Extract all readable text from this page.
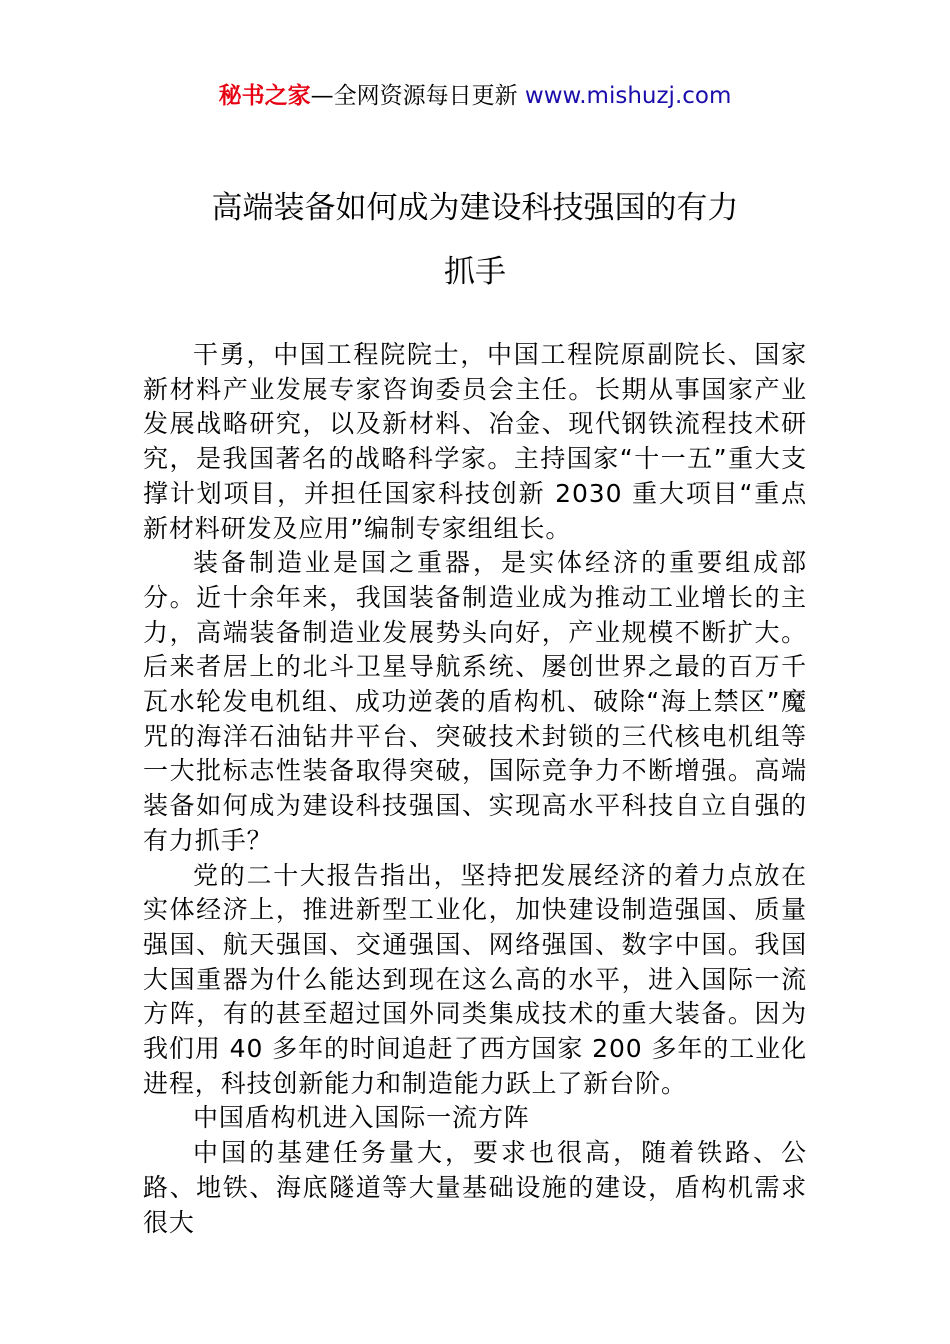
秘书之家—全网资源每日更新 www.mishuzj.com
高端装备如何成为建设科技强国的有力
抓手

干勇，中国工程院院士，中国工程院原副院长、国家新材料产业发展专家咨询委员会主任。长期从事国家产业发展战略研究，以及新材料、冶金、现代钢铁流程技术研究，是我国著名的战略科学家。主持国家“十一五”重大支撑计划项目，并担任国家科技创新 2030 重大项目“重点新材料研发及应用”编制专家组组长。

装备制造业是国之重器，是实体经济的重要组成部分。近十余年来，我国装备制造业成为推动工业增长的主力，高端装备制造业发展势头向好，产业规模不断扩大。后来者居上的北斗卫星导航系统、屡创世界之最的百万千瓦水轮发电机组、成功逆袭的盾构机、破除“海上禁区”魔咒的海洋石油钻井平台、突破技术封锁的三代核电机组等一大批标志性装备取得突破，国际竞争力不断增强。高端装备如何成为建设科技强国、实现高水平科技自立自强的有力抓手？

党的二十大报告指出，坚持把发展经济的着力点放在实体经济上，推进新型工业化，加快建设制造强国、质量强国、航天强国、交通强国、网络强国、数字中国。我国大国重器为什么能达到现在这么高的水平，进入国际一流方阵，有的甚至超过国外同类集成技术的重大装备。因为我们用 40 多年的时间追赶了西方国家 200 多年的工业化进程，科技创新能力和制造能力跃上了新台阶。

中国盾构机进入国际一流方阵

中国的基建任务量大，要求也很高，随着铁路、公路、地铁、海底隧道等大量基础设施的建设，盾构机需求很大
